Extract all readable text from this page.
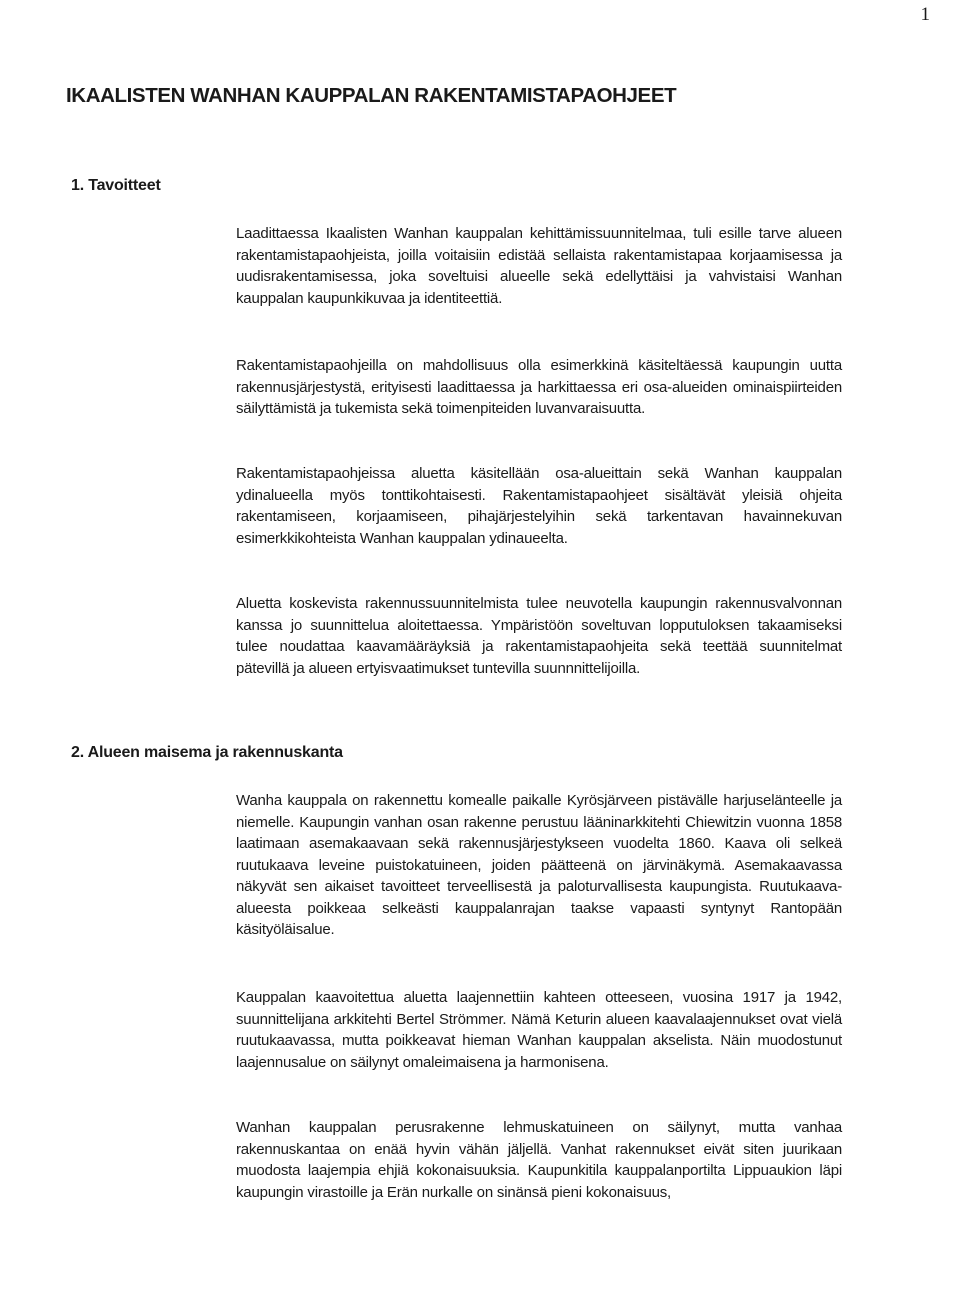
1
IKAALISTEN WANHAN KAUPPALAN RAKENTAMISTAPAOHJEET
1. Tavoitteet

Laadittaessa Ikaalisten Wanhan kauppalan kehittämissuunnitelmaa, tuli esille tarve alueen rakentamistapaohjeista, joilla voitaisiin edistää sellaista rakentamistapaa korjaamisessa ja uudisrakentamisessa, joka soveltuisi alueelle sekä edellyttäisi ja vahvistaisi Wanhan kauppalan kaupunkikuvaa ja identiteettiä.

Rakentamistapaohjeilla on mahdollisuus olla esimerkkinä käsiteltäessä kaupungin uutta rakennusjärjestystä, erityisesti laadittaessa ja harkittaessa eri osa-alueiden ominaispiirteiden säilyttämistä ja tukemista sekä toimenpiteiden luvanvaraisuutta.

Rakentamistapaohjeissa aluetta käsitellään osa-alueittain sekä Wanhan kauppalan ydinalueella myös tonttikohtaisesti. Rakentamistapaohjeet sisältävät yleisiä ohjeita rakentamiseen, korjaamiseen, pihajärjestelyihin sekä tarkentavan havainnekuvan esimerkkikohteista Wanhan kauppalan ydinaueelta.

Aluetta koskevista rakennussuunnitelmista tulee neuvotella kaupungin rakennusvalvonnan kanssa jo suunnittelua aloitettaessa. Ympäristöön soveltuvan lopputuloksen takaamiseksi tulee noudattaa kaavamääräyksiä ja rakentamistapaohjeita sekä teettää suunnitelmat pätevillä ja alueen ertyisvaatimukset tuntevilla suunnnittelijoilla.

2. Alueen maisema ja rakennuskanta

Wanha kauppala on rakennettu komealle paikalle Kyrösjärveen pistävälle harjuselänteelle ja niemelle. Kaupungin vanhan osan rakenne perustuu lääninarkkitehti Chiewitzin vuonna 1858 laatimaan asemakaavaan sekä rakennusjärjestykseen vuodelta 1860. Kaava oli selkeä ruutukaava leveine puistokatuineen, joiden päätteenä on järvinäkymä. Asemakaavassa näkyvät sen aikaiset tavoitteet terveellisestä ja paloturvallisesta kaupungista. Ruutukaava-alueesta poikkeaa selkeästi kauppalanrajan taakse vapaasti syntynyt Rantopään käsityöläisalue.

Kauppalan kaavoitettua aluetta laajennettiin kahteen otteeseen, vuosina 1917 ja 1942, suunnittelijana arkkitehti Bertel Strömmer. Nämä Keturin alueen kaavalaajennukset ovat vielä ruutukaavassa, mutta poikkeavat hieman Wanhan kauppalan akselista. Näin muodostunut laajennusalue on säilynyt omaleimaisena ja harmonisena.

Wanhan kauppalan perusrakenne lehmuskatuineen on säilynyt, mutta vanhaa rakennuskantaa on enää hyvin vähän jäljellä. Vanhat rakennukset eivät siten juurikaan muodosta laajempia ehjiä kokonaisuuksia. Kaupunkitila kauppalanportilta Lippuaukion läpi kaupungin virastoille ja Erän nurkalle on sinänsä pieni kokonaisuus,
